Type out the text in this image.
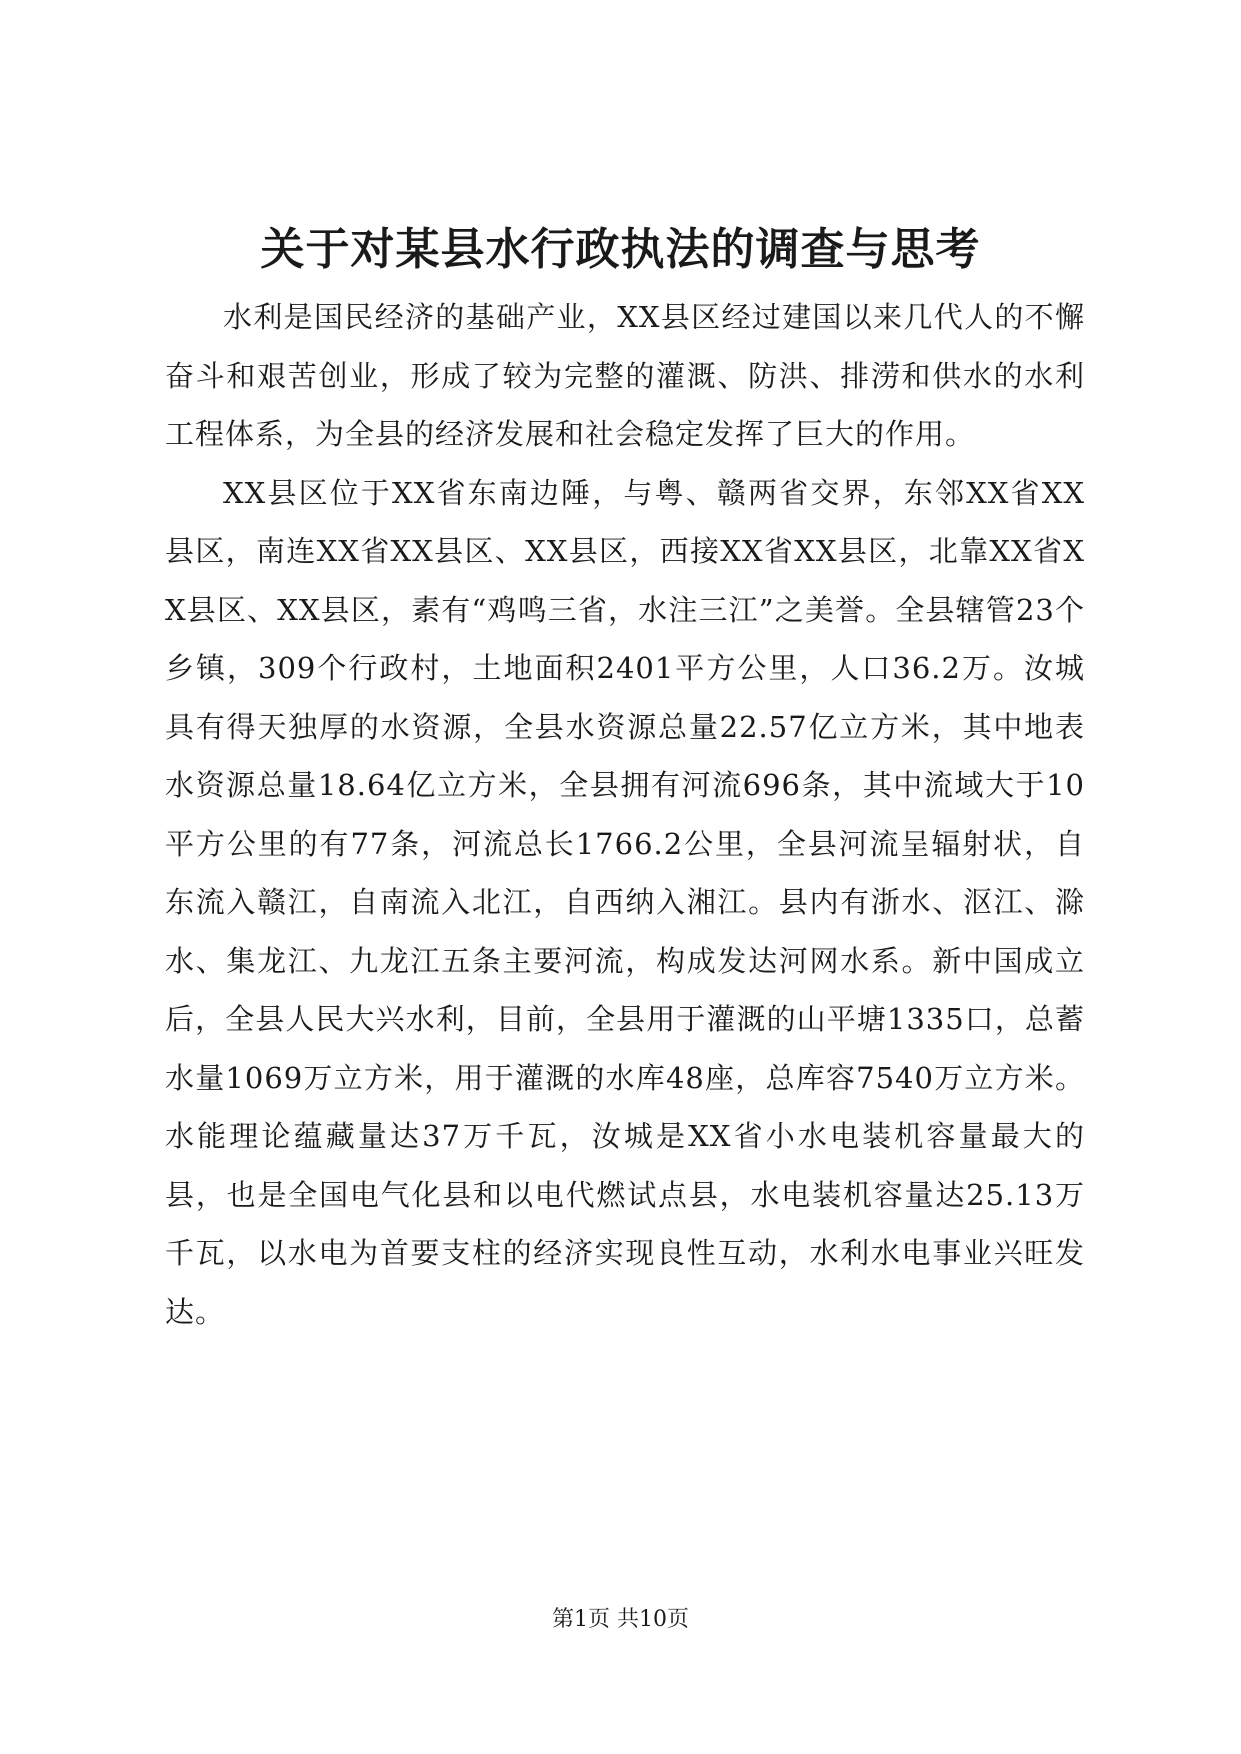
关于对某县水行政执法的调查与思考

水利是国民经济的基础产业，XX县区经过建国以来几代人的不懈奋斗和艰苦创业，形成了较为完整的灌溉、防洪、排涝和供水的水利工程体系，为全县的经济发展和社会稳定发挥了巨大的作用。

XX县区位于XX省东南边陲，与粤、赣两省交界，东邻XX省XX县区，南连XX省XX县区、XX县区，西接XX省XX县区，北靠XX省XX县区、XX县区，素有“鸡鸣三省，水注三江”之美誉。全县辖管23个乡镇，309个行政村，土地面积2401平方公里，人口36.2万。汝城具有得天独厚的水资源，全县水资源总量22.57亿立方米，其中地表水资源总量18.64亿立方米，全县拥有河流696条，其中流域大于10平方公里的有77条，河流总长1766.2公里，全县河流呈辐射状，自东流入赣江，自南流入北江，自西纳入湘江。县内有浙水、沤江、滁水、集龙江、九龙江五条主要河流，构成发达河网水系。新中国成立后，全县人民大兴水利，目前，全县用于灌溉的山平塘1335口，总蓄水量1069万立方米，用于灌溉的水库48座，总库容7540万立方米。水能理论蕴藏量达37万千瓦，汝城是XX省小水电装机容量最大的县，也是全国电气化县和以电代燃试点县，水电装机容量达25.13万千瓦，以水电为首要支柱的经济实现良性互动，水利水电事业兴旺发达。

第1页 共10页
